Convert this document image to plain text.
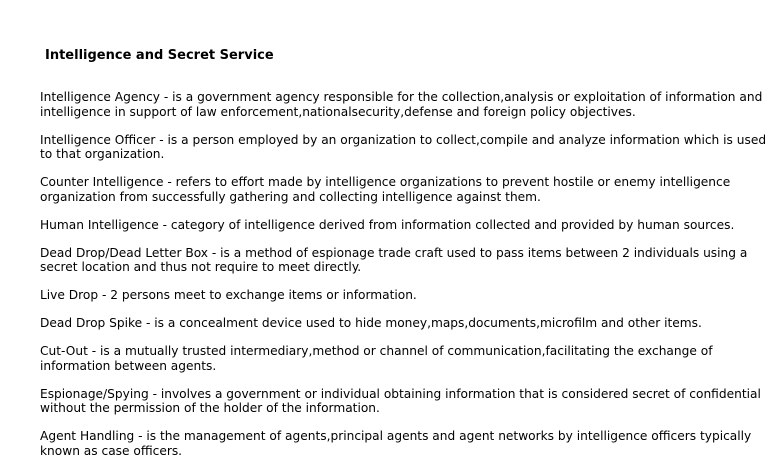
Intelligence and Secret Service

Intelligence Agency - is a government agency responsible for the collection,analysis or exploitation of information and
intelligence in support of law enforcement,nationalsecurity,defense and foreign policy objectives.

Intelligence Officer - is a person employed by an organization to collect,compile and analyze information which is used
to that organization.

Counter Intelligence - refers to effort made by intelligence organizations to prevent hostile or enemy intelligence
organization from successfully gathering and collecting intelligence against them.

Human Intelligence - category of intelligence derived from information collected and provided by human sources.

Dead Drop/Dead Letter Box - is a method of espionage trade craft used to pass items between 2 individuals using a
secret location and thus not require to meet directly.

Live Drop - 2 persons meet to exchange items or information.

Dead Drop Spike - is a concealment device used to hide money,maps,documents,microfilm and other items.

Cut-Out - is a mutually trusted intermediary,method or channel of communication,facilitating the exchange of
information between agents.

Espionage/Spying - involves a government or individual obtaining information that is considered secret of confidential
without the permission of the holder of the information.

Agent Handling - is the management of agents,principal agents and agent networks by intelligence officers typically
known as case officers.
